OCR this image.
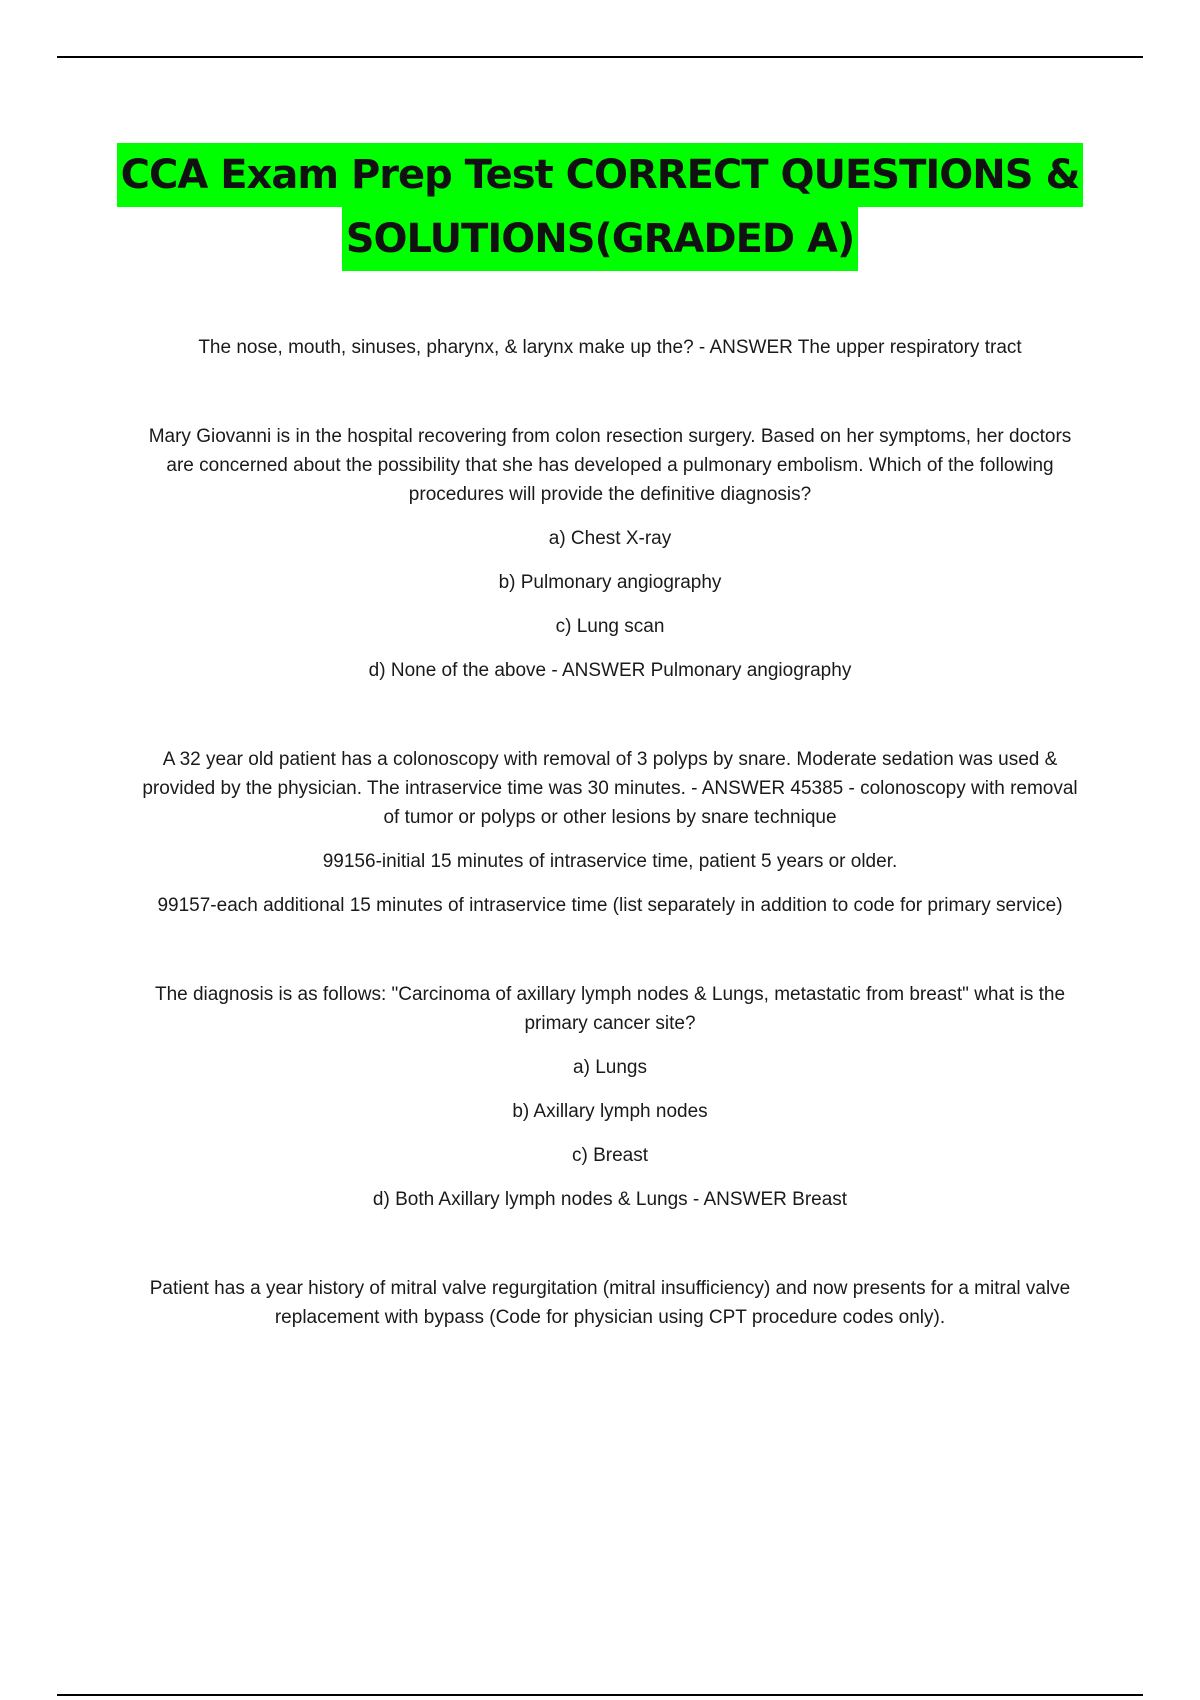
CCA Exam Prep Test CORRECT QUESTIONS &
SOLUTIONS(GRADED A)

The nose, mouth, sinuses, pharynx, & larynx make up the? - ANSWER The upper respiratory tract

Mary Giovanni is in the hospital recovering from colon resection surgery. Based on her symptoms, her doctors are concerned about the possibility that she has developed a pulmonary embolism. Which of the following procedures will provide the definitive diagnosis?

a) Chest X-ray

b) Pulmonary angiography

c) Lung scan

d) None of the above - ANSWER Pulmonary angiography

A 32 year old patient has a colonoscopy with removal of 3 polyps by snare. Moderate sedation was used & provided by the physician. The intraservice time was 30 minutes. - ANSWER 45385 - colonoscopy with removal of tumor or polyps or other lesions by snare technique

99156-initial 15 minutes of intraservice time, patient 5 years or older.

99157-each additional 15 minutes of intraservice time (list separately in addition to code for primary service)

The diagnosis is as follows: "Carcinoma of axillary lymph nodes & Lungs, metastatic from breast" what is the primary cancer site?

a) Lungs

b) Axillary lymph nodes

c) Breast

d) Both Axillary lymph nodes & Lungs - ANSWER Breast

Patient has a year history of mitral valve regurgitation (mitral insufficiency) and now presents for a mitral valve replacement with bypass (Code for physician using CPT procedure codes only).
